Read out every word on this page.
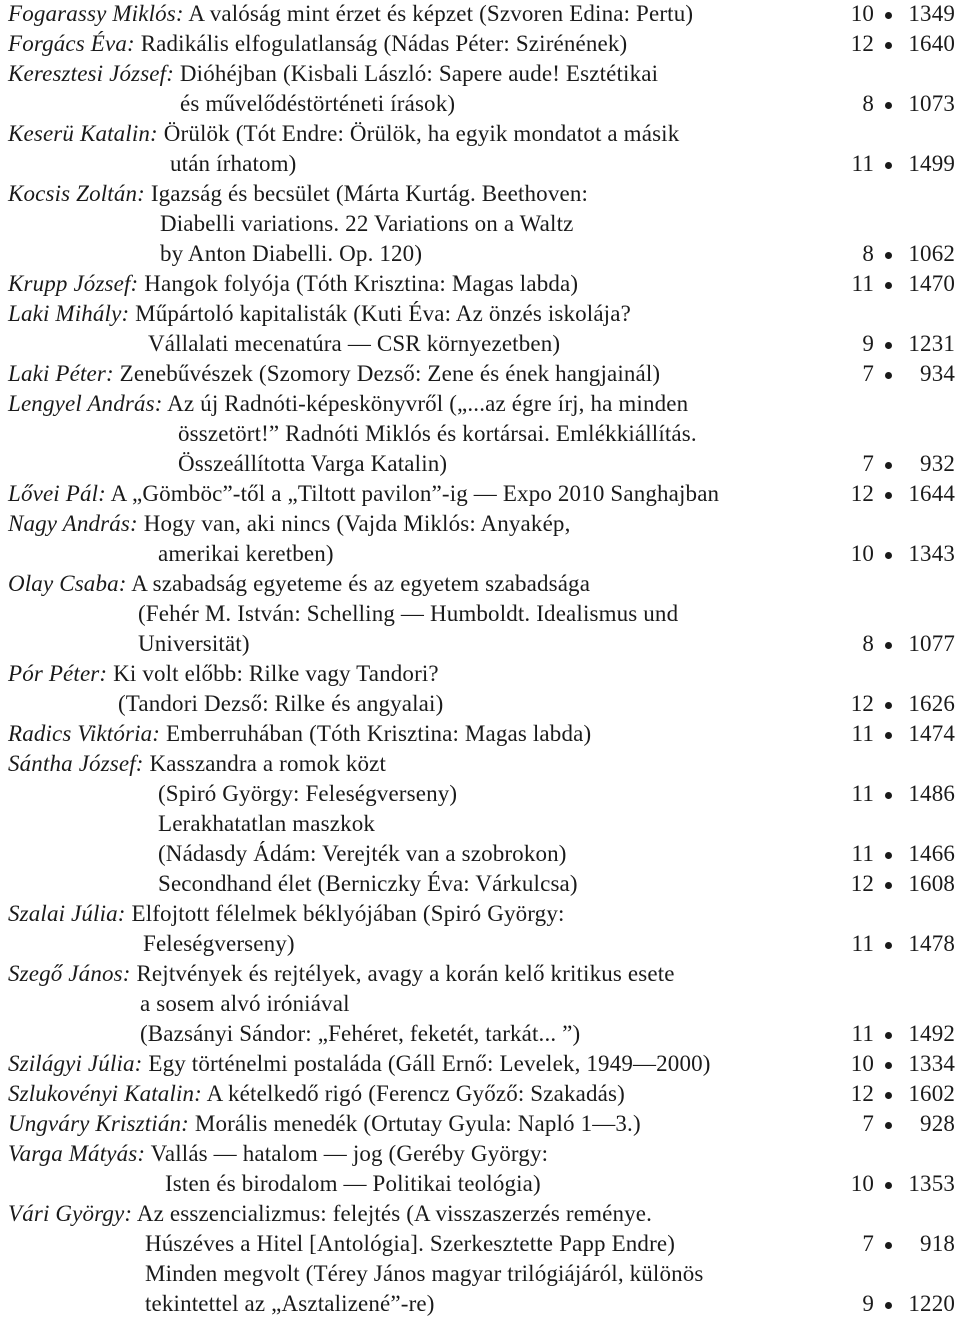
Fogarassy Miklós: A valóság mint érzet és képzet (Szvoren Edina: Pertu)	10 1349
Forgács Éva: Radikális elfogulatlanság (Nádas Péter: Szirénének)	12 1640
Keresztesi József: Dióhéjban (Kisbali László: Sapere aude! Esztétikai
és művelődéstörténeti írások)	8 1073
Keserü Katalin: Örülök (Tót Endre: Örülök, ha egyik mondatot a másik
után írhatom)	11 1499
Kocsis Zoltán: Igazság és becsület (Márta Kurtág. Beethoven:
Diabelli variations. 22 Variations on a Waltz
by Anton Diabelli. Op. 120)	8 1062
Krupp József: Hangok folyója (Tóth Krisztina: Magas labda)	11 1470
Laki Mihály: Műpártoló kapitalisták (Kuti Éva: Az önzés iskolája?
Vállalati mecenatúra — CSR környezetben)	9 1231
Laki Péter: Zenebűvészek (Szomory Dezső: Zene és ének hangjainál)	7	934
Lengyel András: Az új Radnóti-képeskönyvről („...az égre írj, ha minden
összetört!” Radnóti Miklós és kortársai. Emlékkiállítás.
Összeállította Varga Katalin)	7	932
Lővei Pál: A „Gömböc”-től a „Tiltott pavilon”-ig — Expo 2010 Sanghajban	12 1644
Nagy András: Hogy van, aki nincs (Vajda Miklós: Anyakép,
amerikai keretben)	10 1343
Olay Csaba: A szabadság egyeteme és az egyetem szabadsága
(Fehér M. István: Schelling — Humboldt. Idealismus und
Universität)	8 1077
Pór Péter: Ki volt előbb: Rilke vagy Tandori?
(Tandori Dezső: Rilke és angyalai)	12 1626
Radics Viktória: Emberruhában (Tóth Krisztina: Magas labda)	11 1474
Sántha József: Kasszandra a romok közt
(Spiró György: Feleségverseny)	11 1486
Lerakhatatlan maszkok
(Nádasdy Ádám: Verejték van a szobrokon)	11 1466
Secondhand élet (Berniczky Éva: Várkulcsa)	12 1608
Szalai Júlia: Elfojtott félelmek béklyójában (Spiró György:
Feleségverseny)	11 1478
Szegő János: Rejtvények és rejtélyek, avagy a korán kelő kritikus esete
a sosem alvó iróniával
(Bazsányi Sándor: „Fehéret, feketét, tarkát... ”)	11 1492
Szilágyi Júlia: Egy történelmi postaláda (Gáll Ernő: Levelek, 1949—2000)	10 1334
Szlukovényi Katalin: A kételkedő rigó (Ferencz Győző: Szakadás)	12 1602
Ungváry Krisztián: Morális menedék (Ortutay Gyula: Napló 1—3.)	7	928
Varga Mátyás: Vallás — hatalom — jog (Geréby György:
Isten és birodalom — Politikai teológia)	10 1353
Vári György: Az esszencializmus: felejtés (A visszaszerzés reménye.
Húszéves a Hitel [Antológia]. Szerkesztette Papp Endre)	7	918
Minden megvolt (Térey János magyar trilógiájáról, különös
tekintettel az „Asztalizené”-re)	9 1220
